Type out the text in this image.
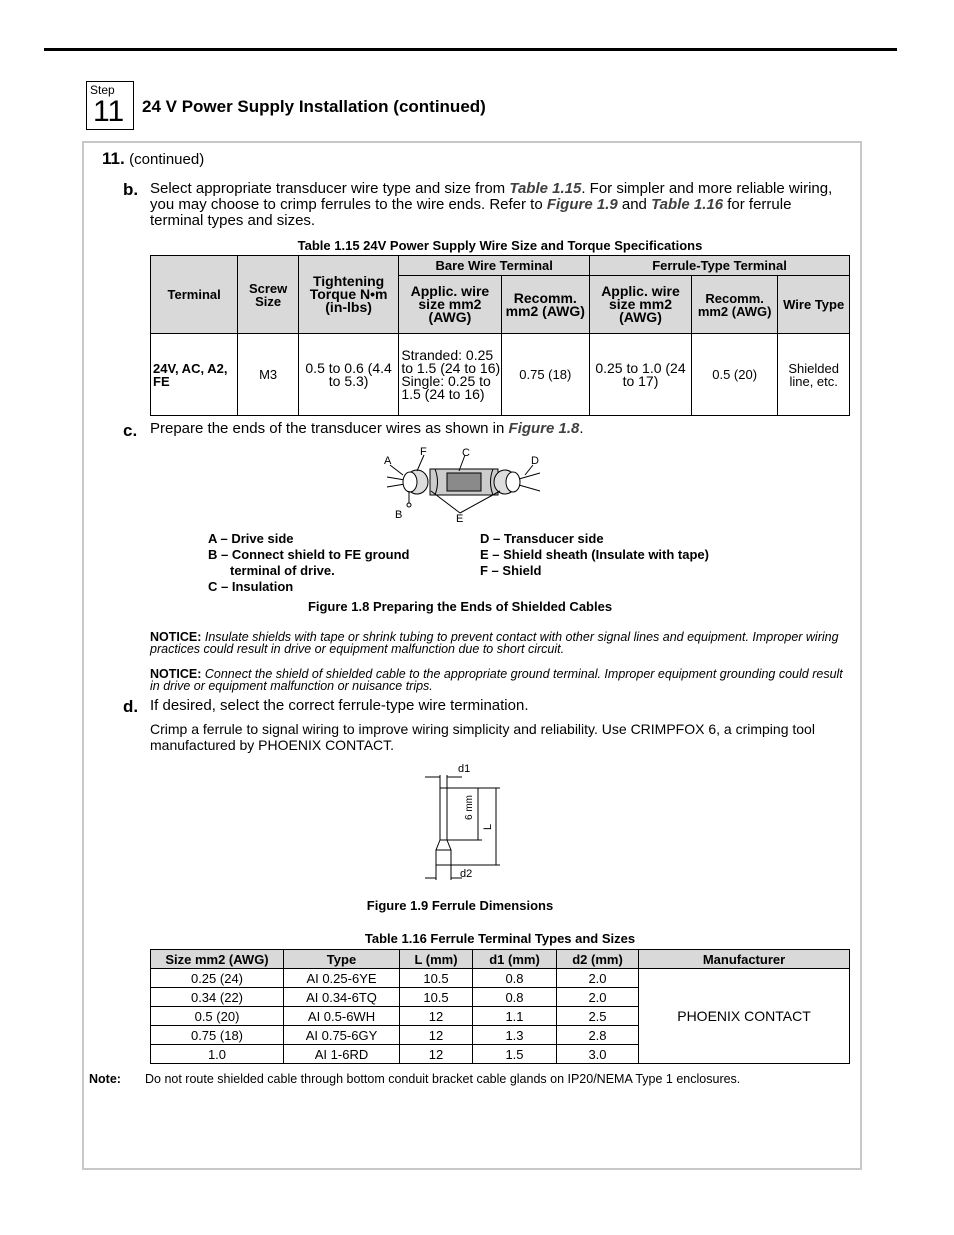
Step
11 24 V Power Supply Installation (continued)
11. (continued)
b. Select appropriate transducer wire type and size from Table 1.15. For simpler and more reliable wiring,
you may choose to crimp ferrules to the wire ends. Refer to Figure 1.9 and Table 1.16 for ferrule
terminal types and sizes.
Table 1.15 24V Power Supply Wire Size and Torque Specifications
Terminal	Screw Size	Tightening Torque N•m (in-lbs)	Bare Wire Terminal		Ferrule-Type Terminal		
			Applic. wire size mm2 (AWG)	Recomm. mm2 (AWG)	Applic. wire size mm2 (AWG)	Recomm. mm2 (AWG)	Wire Type
24V, AC, A2, FE	M3	0.5 to 0.6 (4.4 to 5.3)	Stranded: 0.25 to 1.5 (24 to 16) Single: 0.25 to 1.5 (24 to 16)	0.75 (18)	0.25 to 1.0 (24 to 17)	0.5 (20)	Shielded line, etc.
c. Prepare the ends of the transducer wires as shown in Figure 1.8.
A
F	C
D
B	E
A – Drive side
B – Connect shield to FE ground
terminal of drive.
C – Insulation
D – Transducer side
E – Shield sheath (Insulate with tape)
F – Shield
Figure 1.8 Preparing the Ends of Shielded Cables
NOTICE: Insulate shields with tape or shrink tubing to prevent contact with other signal lines and equipment. Improper wiring practices could result in drive or equipment malfunction due to short circuit.
NOTICE: Connect the shield of shielded cable to the appropriate ground terminal. Improper equipment grounding could result in drive or equipment malfunction or nuisance trips.
d. If desired, select the correct ferrule-type wire termination.
Crimp a ferrule to signal wiring to improve wiring simplicity and reliability. Use CRIMPFOX 6, a crimping tool manufactured by PHOENIX CONTACT.
d1
d2
6 mm
L
Figure 1.9 Ferrule Dimensions
Table 1.16 Ferrule Terminal Types and Sizes
Size mm2 (AWG)	Type	L (mm)	d1 (mm)	d2 (mm)	Manufacturer
0.25 (24)	AI 0.25-6YE	10.5	0.8	2.0	PHOENIX CONTACT
0.34 (22)	AI 0.34-6TQ	10.5	0.8	2.0	
0.5 (20)	AI 0.5-6WH	12	1.1	2.5	
0.75 (18)	AI 0.75-6GY	12	1.3	2.8	
1.0	AI 1-6RD	12	1.5	3.0	
Note: Do not route shielded cable through bottom conduit bracket cable glands on IP20/NEMA Type 1 enclosures.
